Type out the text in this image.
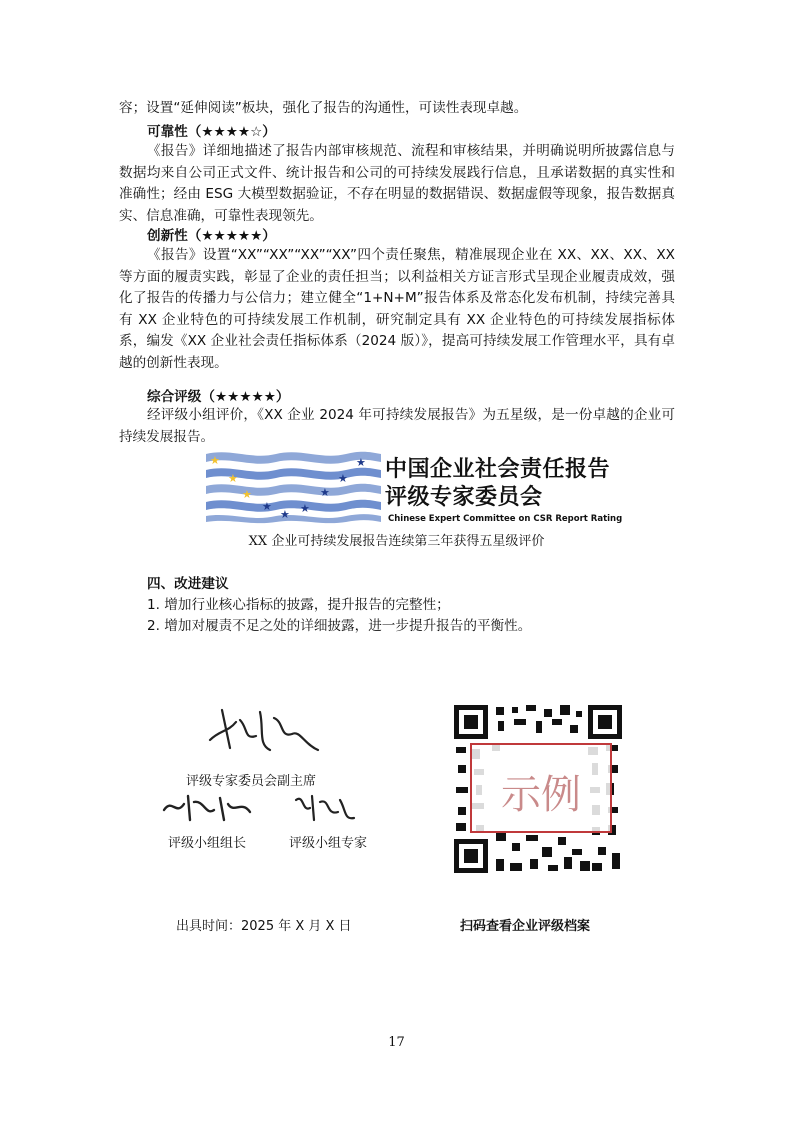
容；设置“延伸阅读”板块，强化了报告的沟通性，可读性表现卓越。

可靠性（★★★★☆）

《报告》详细地描述了报告内部审核规范、流程和审核结果，并明确说明所披露信息与数据均来自公司正式文件、统计报告和公司的可持续发展践行信息，且承诺数据的真实性和准确性；经由 ESG 大模型数据验证，不存在明显的数据错误、数据虚假等现象，报告数据真实、信息准确，可靠性表现领先。

创新性（★★★★★）

《报告》设置“XX”“XX”“XX”“XX”四个责任聚焦，精准展现企业在 XX、XX、XX、XX 等方面的履责实践，彰显了企业的责任担当；以利益相关方证言形式呈现企业履责成效，强化了报告的传播力与公信力；建立健全“1+N+M”报告体系及常态化发布机制，持续完善具有 XX 企业特色的可持续发展工作机制，研究制定具有 XX 企业特色的可持续发展指标体系，编发《XX 企业社会责任指标体系（2024 版）》，提高可持续发展工作管理水平，具有卓越的创新性表现。

综合评级（★★★★★）

经评级小组评价，《XX 企业 2024 年可持续发展报告》为五星级，是一份卓越的企业可持续发展报告。

★
★
★
★
★ ★
★
★
★ 中国企业社会责任报告
评级专家委员会
Chinese Expert Committee on CSR Report Rating
XX 企业可持续发展报告连续第三年获得五星级评价
四、改进建议
1. 增加行业核心指标的披露，提升报告的完整性；
2. 增加对履责不足之处的详细披露，进一步提升报告的平衡性。
评级专家委员会副主席
评级小组组长	评级小组专家
示例
出具时间：2025 年 X 月 X 日	扫码查看企业评级档案
17
